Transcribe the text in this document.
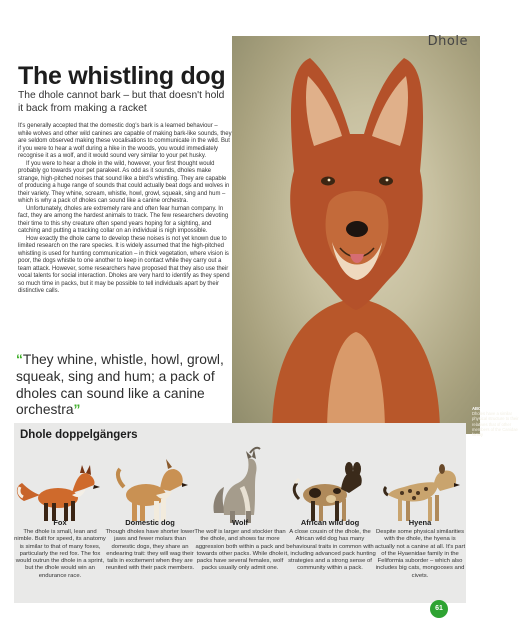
ABOVE
Dholes have a similar physical structure to their relatives that of other members of the Canidae family
Dhole
The whistling dog
The dhole cannot bark – but that doesn't hold it back from making a racket

It's generally accepted that the domestic dog's bark is a learned behaviour – while wolves and other wild canines are capable of making bark-like sounds, they are seldom observed making these vocalisations to communicate in the wild. But if you were to hear a wolf during a hike in the woods, you would immediately recognise it as a wolf, and it would sound very similar to your pet husky.

If you were to hear a dhole in the wild, however, your first thought would probably go towards your pet parakeet. As odd as it sounds, dholes make strange, high-pitched noises that sound like a bird's whistling. They are capable of producing a huge range of sounds that could actually beat dogs and wolves in their variety. They whine, scream, whistle, howl, growl, squeak, sing and hum – which is why a pack of dholes can sound like a canine orchestra.

Unfortunately, dholes are extremely rare and often fear human company. In fact, they are among the hardest animals to track. The few researchers devoting their time to this shy creature often spend years hoping for a sighting, and catching and putting a tracking collar on an individual is nigh impossible.

How exactly the dhole came to develop these noises is not yet known due to limited research on the rare species. It is widely assumed that the high-pitched whistling is used for hunting communication – in thick vegetation, where vision is poor, the dogs whistle to one another to keep in contact while they carry out a team attack. However, some researchers have proposed that they also use their vocal talents for social interaction. Dholes are very hard to identify as they spend so much time in packs, but it may be possible to tell individuals apart by their distinctive calls.

“They whine, whistle, howl, growl, squeak, sing and hum; a pack of dholes can sound like a canine orchestra”
Dhole doppelgängers
Fox
The dhole is small, lean and nimble. Built for speed, its anatomy is similar to that of many foxes, particularly the red fox. The fox would outrun the dhole in a sprint, but the dhole would win an endurance race.
Domestic dog
Though dholes have shorter lower jaws and fewer molars than domestic dogs, they share an endearing trait: they will wag their tails in excitement when they are reunited with their pack members.
Wolf
The wolf is larger and stockier than the dhole, and shows far more aggression both within a pack and towards other packs. While dhole packs have several females, wolf packs usually only admit one.
African wild dog
A close cousin of the dhole, the African wild dog has many behavioural traits in common with it, including advanced pack hunting strategies and a strong sense of community within a pack.
Hyena
Despite some physical similarities with the dhole, the hyena is actually not a canine at all. It's part of the Hyaenidae family in the Feliformia suborder – which also includes big cats, mongooses and civets.
61
